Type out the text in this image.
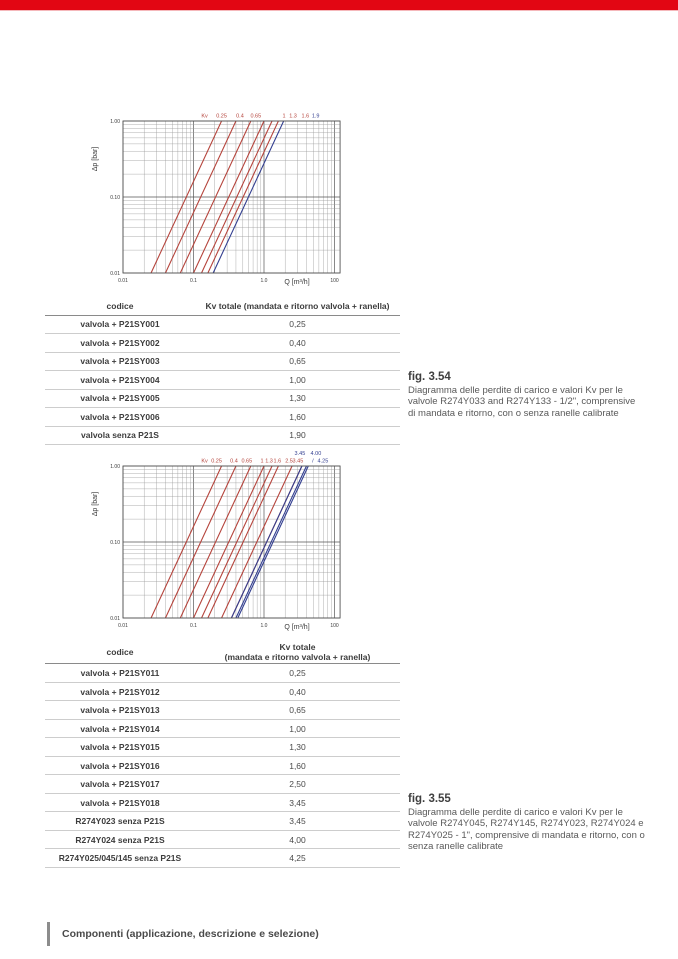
Kv 0.25 0.4 0.65	1 1.3 1.6 1.9
0.01	0.1	1.0	100
1.00
0.10
0.01
Q [m³/h]
Δp [bar]
codice	Kv totale (mandata e ritorno valvola + ranella)
valvola + P21SY001	0,25
valvola + P21SY002	0,40
valvola + P21SY003	0,65
valvola + P21SY004	1,00
valvola + P21SY005	1,30
valvola + P21SY006	1,60
valvola senza P21S	1,90
fig. 3.54
Diagramma delle perdite di carico e valori Kv per le valvole R274Y033 and R274Y133 - 1/2", comprensive di mandata e ritorno, con o senza ranelle calibrate
Kv 0.25 0.4 0.65 1 1.3 1.6 2.5 3.45
3.45 4.00
/ 4.25
0.01	0.1	1.0	100
1.00
0.10
0.01
Q [m³/h]
Δp [bar]
codice
Kv totale
(mandata e ritorno valvola + ranella)
valvola + P21SY011	0,25
valvola + P21SY012	0,40
valvola + P21SY013	0,65
valvola + P21SY014	1,00
valvola + P21SY015	1,30
valvola + P21SY016	1,60
valvola + P21SY017	2,50
valvola + P21SY018	3,45
R274Y023 senza P21S	3,45
R274Y024 senza P21S	4,00
R274Y025/045/145 senza P21S	4,25
fig. 3.55
Diagramma delle perdite di carico e valori Kv per le valvole R274Y045, R274Y145, R274Y023, R274Y024 e R274Y025 - 1", comprensive di mandata e ritorno, con o senza ranelle calibrate
Componenti (applicazione, descrizione e selezione)
